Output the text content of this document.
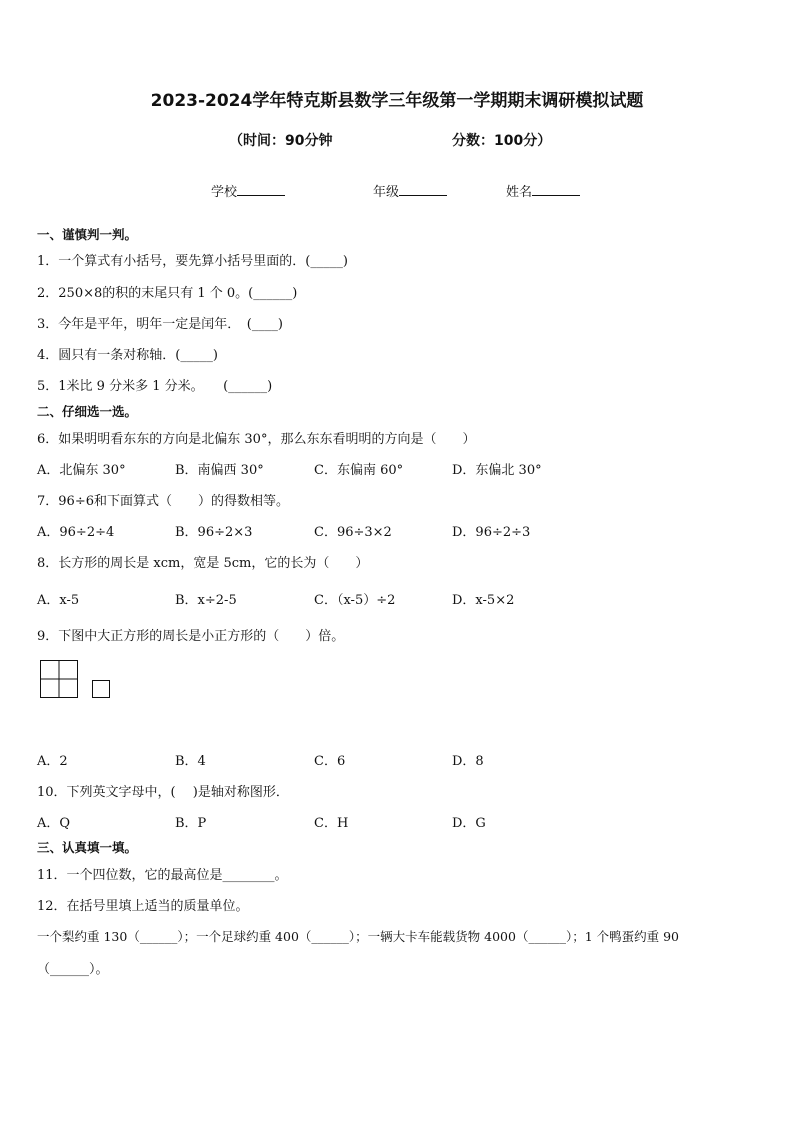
2023-2024学年特克斯县数学三年级第一学期期末调研模拟试题
（时间：90分钟	分数：100分）
学校	年级	姓名
一、谨慎判一判。
1．一个算式有小括号，要先算小括号里面的．(_____)
2．250×8的积的末尾只有 1 个 0。(______)
3．今年是平年，明年一定是闰年．　(____)
4．圆只有一条对称轴．(_____)
5．1米比 9 分米多 1 分米。　　(______)
二、仔细选一选。
6．如果明明看东东的方向是北偏东 30°，那么东东看明明的方向是（　　）
A．北偏东 30°	B．南偏西 30°	C．东偏南 60°	D．东偏北 30°
7．96÷6和下面算式（　　）的得数相等。
A．96÷2÷4	B．96÷2×3	C．96÷3×2	D．96÷2÷3
8．长方形的周长是 xcm，宽是 5cm，它的长为（　　）
A．x-5	B．x÷2-5	C．（x-5）÷2	D．x-5×2
9．下图中大正方形的周长是小正方形的（　　）倍。
A．2	B．4	C．6	D．8
10．下列英文字母中，(　 )是轴对称图形．
A．Q	B．P	C．H	D．G
三、认真填一填。
11．一个四位数，它的最高位是________。
12．在括号里填上适当的质量单位。
一个梨约重 130（______）；一个足球约重 400（______）；一辆大卡车能载货物 4000（______）；1 个鸭蛋约重 90
（______）。
